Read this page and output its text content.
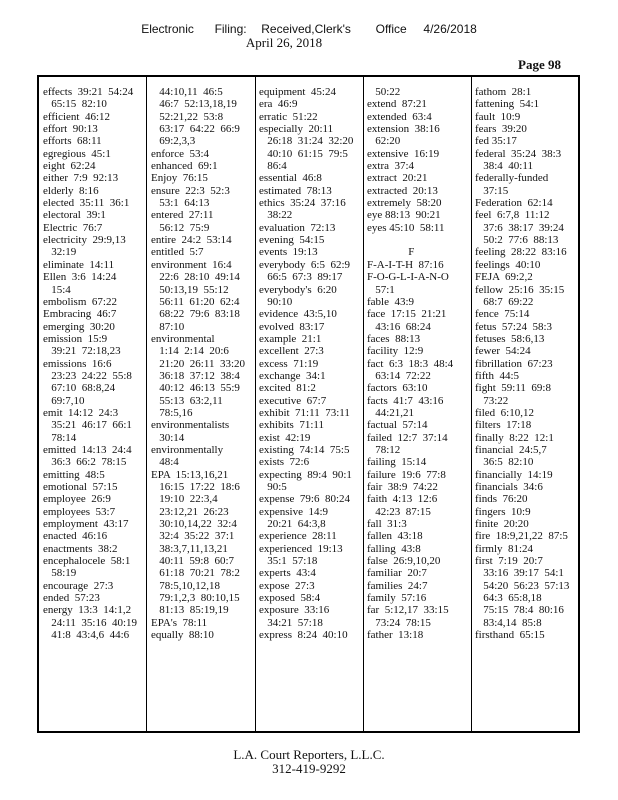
Electronic Filing: Received,Clerk's Office 4/26/2018
April 26, 2018
Page 98
effects  39:21  54:24
65:15  82:10
efficient  46:12
effort  90:13
efforts  68:11
egregious  45:1
eight  62:24
either  7:9  92:13
elderly  8:16
elected  35:11  36:1
electoral  39:1
Electric  76:7
electricity  29:9,13
32:19
eliminate  14:11
Ellen  3:6  14:24
15:4
embolism  67:22
Embracing  46:7
emerging  30:20
emission  15:9
39:21  72:18,23
emissions  16:6
23:23  24:22  55:8
67:10  68:8,24
69:7,10
emit  14:12  24:3
35:21  46:17  66:1
78:14
emitted  14:13  24:4
36:3  66:2  78:15
emitting  48:5
emotional  57:15
employee  26:9
employees  53:7
employment  43:17
enacted  46:16
enactments  38:2
encephalocele  58:1
58:19
encourage  27:3
ended  57:23
energy  13:3  14:1,2
24:11  35:16  40:19
41:8  43:4,6  44:6
44:10,11  46:5
46:7  52:13,18,19
52:21,22  53:8
63:17  64:22  66:9
69:2,3,3
enforce  53:4
enhanced  69:1
Enjoy  76:15
ensure  22:3  52:3
53:1  64:13
entered  27:11
56:12  75:9
entire  24:2  53:14
entitled  5:7
environment  16:4
22:6  28:10  49:14
50:13,19  55:12
56:11  61:20  62:4
68:22  79:6  83:18
87:10
environmental
1:14  2:14  20:6
21:20  26:11  33:20
36:18  37:12  38:4
40:12  46:13  55:9
55:13  63:2,11
78:5,16
environmentalists
30:14
environmentally
48:4
EPA  15:13,16,21
16:15  17:22  18:6
19:10  22:3,4
23:12,21  26:23
30:10,14,22  32:4
32:4  35:22  37:1
38:3,7,11,13,21
40:11  59:8  60:7
61:18  70:21  78:2
78:5,10,12,18
79:1,2,3  80:10,15
81:13  85:19,19
EPA's  78:11
equally  88:10
equipment  45:24
era  46:9
erratic  51:22
especially  20:11
26:18  31:24  32:20
40:10  61:15  79:5
86:4
essential  46:8
estimated  78:13
ethics  35:24  37:16
38:22
evaluation  72:13
evening  54:15
events  19:13
everybody  6:5  62:9
66:5  67:3  89:17
everybody's  6:20
90:10
evidence  43:5,10
evolved  83:17
example  21:1
excellent  27:3
excess  71:19
exchange  34:1
excited  81:2
executive  67:7
exhibit  71:11  73:11
exhibits  71:11
exist  42:19
existing  74:14  75:5
exists  72:6
expecting  89:4  90:1
90:5
expense  79:6  80:24
expensive  14:9
20:21  64:3,8
experience  28:11
experienced  19:13
35:1  57:18
experts  43:4
expose  27:3
exposed  58:4
exposure  33:16
34:21  57:18
express  8:24  40:10
50:22
extend  87:21
extended  63:4
extension  38:16
62:20
extensive  16:19
extra  37:4
extract  20:21
extracted  20:13
extremely  58:20
eye 88:13  90:21
eyes 45:10  58:11
F
F-A-I-T-H  87:16
F-O-G-L-I-A-N-O
57:1
fable  43:9
face  17:15  21:21
43:16  68:24
faces  88:13
facility  12:9
fact  6:3  18:3  48:4
63:14  72:22
factors  63:10
facts  41:7  43:16
44:21,21
factual  57:14
failed  12:7  37:14
78:12
failing  15:14
failure  19:6  77:8
fair  38:9  74:22
faith  4:13  12:6
42:23  87:15
fall  31:3
fallen  43:18
falling  43:8
false  26:9,10,20
familiar  20:7
families  24:7
family  57:16
far  5:12,17  33:15
73:24  78:15
father  13:18
fathom  28:1
fattening  54:1
fault  10:9
fears  39:20
fed 35:17
federal  35:24  38:3
38:4  40:11
federally-funded
37:15
Federation  62:14
feel  6:7,8  11:12
37:6  38:17  39:24
50:2  77:6  88:13
feeling  28:22  83:16
feelings  40:10
FEJA  69:2,2
fellow  25:16  35:15
68:7  69:22
fence  75:14
fetus  57:24  58:3
fetuses  58:6,13
fewer  54:24
fibrillation  67:23
fifth  44:5
fight  59:11  69:8
73:22
filed  6:10,12
filters  17:18
finally  8:22  12:1
financial  24:5,7
36:5  82:10
financially  14:19
financials  34:6
finds  76:20
fingers  10:9
finite  20:20
fire  18:9,21,22  87:5
firmly  81:24
first  7:19  20:7
33:16  39:17  54:1
54:20  56:23  57:13
64:3  65:8,18
75:15  78:4  80:16
83:4,14  85:8
firsthand  65:15
L.A. Court Reporters, L.L.C.
312-419-9292
